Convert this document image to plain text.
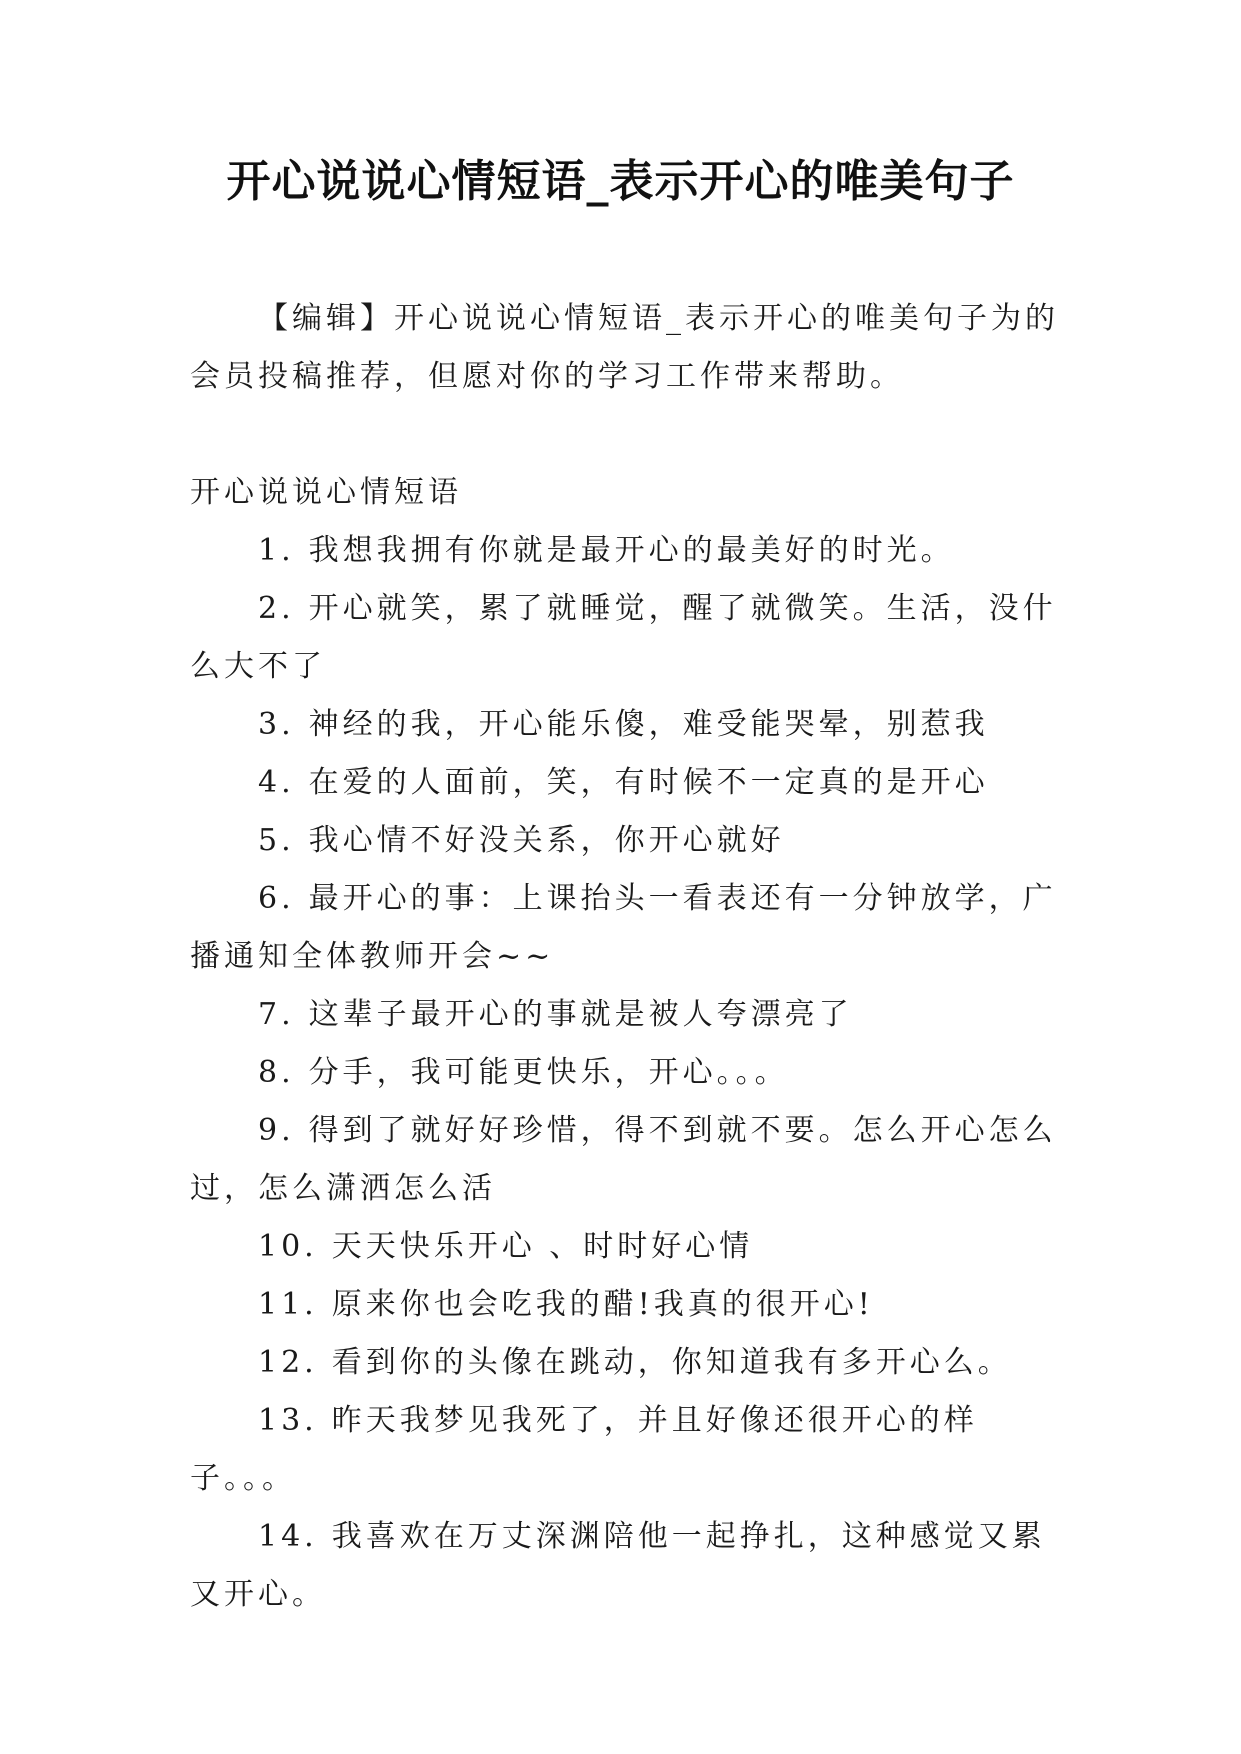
开心说说心情短语_表示开心的唯美句子

【编辑】开心说说心情短语_表示开心的唯美句子为的会员投稿推荐，但愿对你的学习工作带来帮助。

开心说说心情短语

1. 我想我拥有你就是最开心的最美好的时光。

2. 开心就笑，累了就睡觉，醒了就微笑。生活，没什么大不了

3. 神经的我，开心能乐傻，难受能哭晕，别惹我

4. 在爱的人面前，笑，有时候不一定真的是开心

5. 我心情不好没关系，你开心就好

6. 最开心的事：上课抬头一看表还有一分钟放学，广播通知全体教师开会~~

7. 这辈子最开心的事就是被人夸漂亮了

8. 分手，我可能更快乐，开心。。。

9. 得到了就好好珍惜，得不到就不要。怎么开心怎么过，怎么潇洒怎么活

10. 天天快乐开心 、时时好心情

11. 原来你也会吃我的醋!我真的很开心!

12. 看到你的头像在跳动，你知道我有多开心么。

13. 昨天我梦见我死了，并且好像还很开心的样子。。。

14. 我喜欢在万丈深渊陪他一起挣扎，这种感觉又累又开心。
